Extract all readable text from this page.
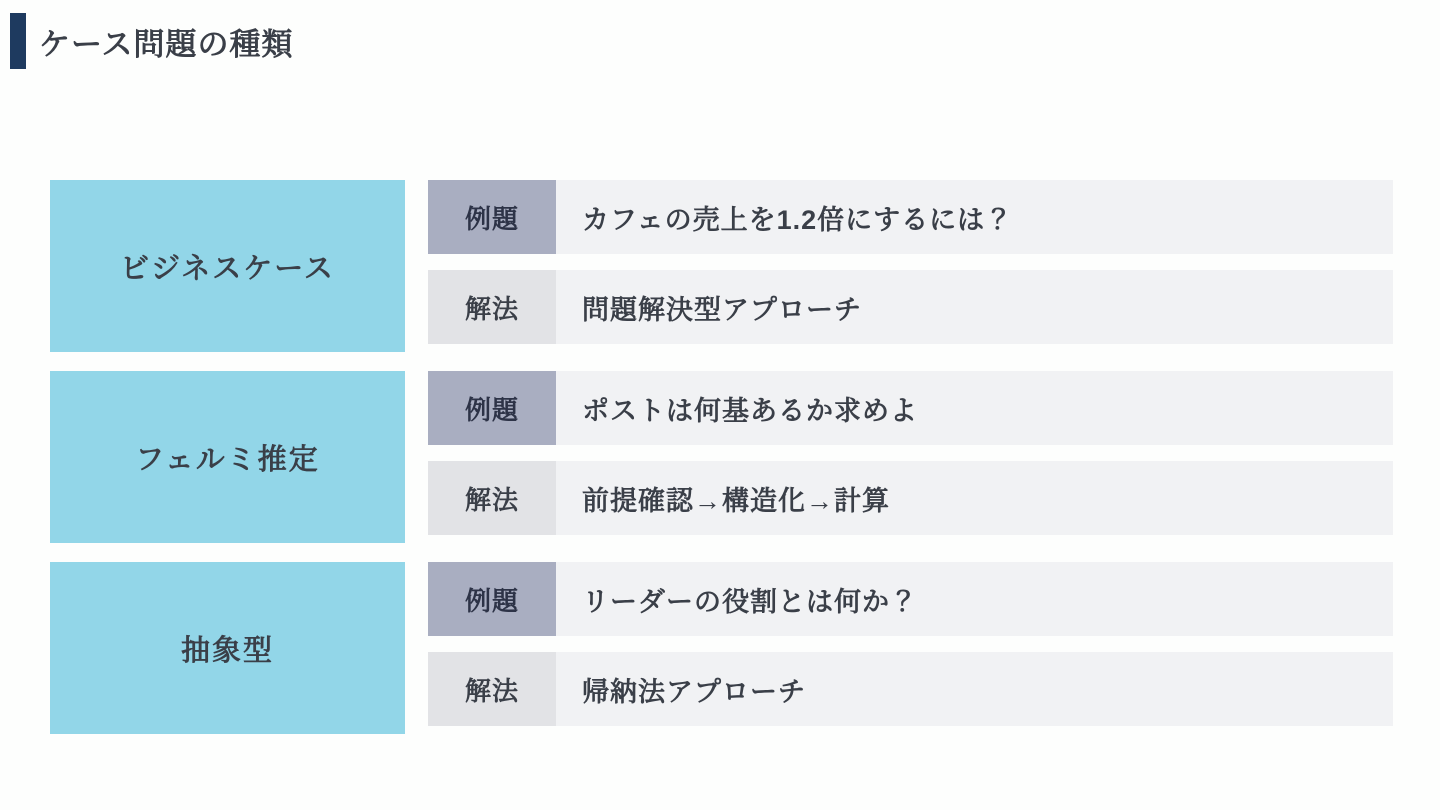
ケース問題の種類
ビジネスケース
例題	カフェの売上を1.2倍にするには？
解法	問題解決型アプローチ
フェルミ推定
例題	ポストは何基あるか求めよ
解法	前提確認→構造化→計算
抽象型
例題	リーダーの役割とは何か？
解法	帰納法アプローチ
